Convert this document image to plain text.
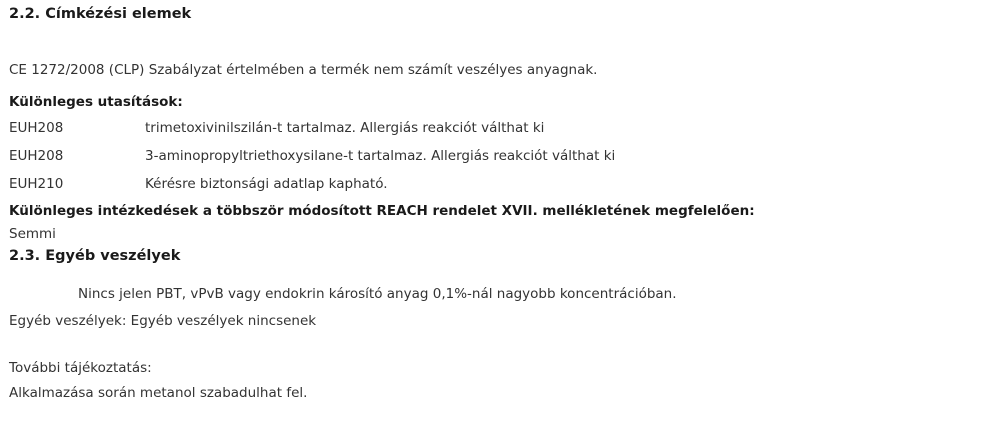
2.2. Címkézési elemek
CE 1272/2008 (CLP) Szabályzat értelmében a termék nem számít veszélyes anyagnak.
Különleges utasítások:
EUH208	trimetoxivinilszilán-t tartalmaz. Allergiás reakciót válthat ki
EUH208	3-aminopropyltriethoxysilane-t tartalmaz. Allergiás reakciót válthat ki
EUH210	Kérésre biztonsági adatlap kapható.
Különleges intézkedések a többször módosított REACH rendelet XVII. mellékletének megfelelően:
Semmi
2.3. Egyéb veszélyek
Nincs jelen PBT, vPvB vagy endokrin károsító anyag 0,1%-nál nagyobb koncentrációban.
Egyéb veszélyek: Egyéb veszélyek nincsenek
További tájékoztatás:
Alkalmazása során metanol szabadulhat fel.
